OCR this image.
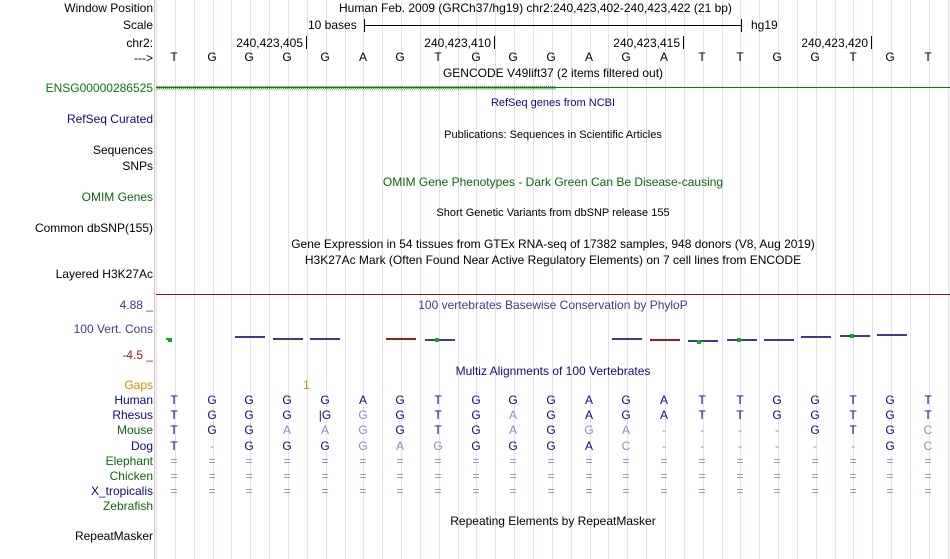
Window Position	Human Feb. 2009 (GRCh37/hg19) chr2:240,423,402-240,423,422 (21 bp)
Scale	10 bases	hg19
chr2:	240,423,405	240,423,410	240,423,415	240,423,420
--->	T	G	G	G	G	A	G	T	G	G	G	A	G	A	T	T	G	G	T	G	T
GENCODE V49lift37 (2 items filtered out)
ENSG00000286525 ››››››››››››››››››››››››››››››››››››››››››››››››››››››››››››››››››››››››››››››››››››››››››››››››››››››››››››››››››››››››››››››››››››››››››››››››››››››››››››››››››››››››››››››››››››››››››››››››››››››››
RefSeq genes from NCBI
RefSeq Curated
Publications: Sequences in Scientific Articles
Sequences
SNPs
OMIM Gene Phenotypes - Dark Green Can Be Disease-causing
OMIM Genes
Short Genetic Variants from dbSNP release 155
Common dbSNP(155)
Gene Expression in 54 tissues from GTEx RNA-seq of 17382 samples, 948 donors (V8, Aug 2019)
H3K27Ac Mark (Often Found Near Active Regulatory Elements) on 7 cell lines from ENCODE
Layered H3K27Ac
100 vertebrates Basewise Conservation by PhyloP
4.88 _
100 Vert. Cons
-4.5 _
Multiz Alignments of 100 Vertebrates
Gaps	1
Human	T	G	G	G	G	A	G	T	G	G	G	A	G	A	T	T	G	G	T	G	T
Rhesus	T	G	G	G	|G	G	G	T	G	A	G	A	G	A	T	T	G	G	T	G	T
Mouse	T	G	G	A	A	G	G	T	G	A	G	G	A	-	-	-	-	G	T	G	C
Dog	T	-	G	G	G	G	A	G	G	G	G	A	C	-	-	-	-	-	-	G	C
Elephant	=	=	=	=	=	=	=	=	=	=	=	=	=	=	=	=	=	=	=	=	=
Chicken	=	=	=	=	=	=	=	=	=	=	=	=	=	=	=	=	=	=	=	=	=
X_tropicalis	=	=	=	=	=	=	=	=	=	=	=	=	=	=	=	=	=	=	=	=	=
Zebrafish
Repeating Elements by RepeatMasker
RepeatMasker
